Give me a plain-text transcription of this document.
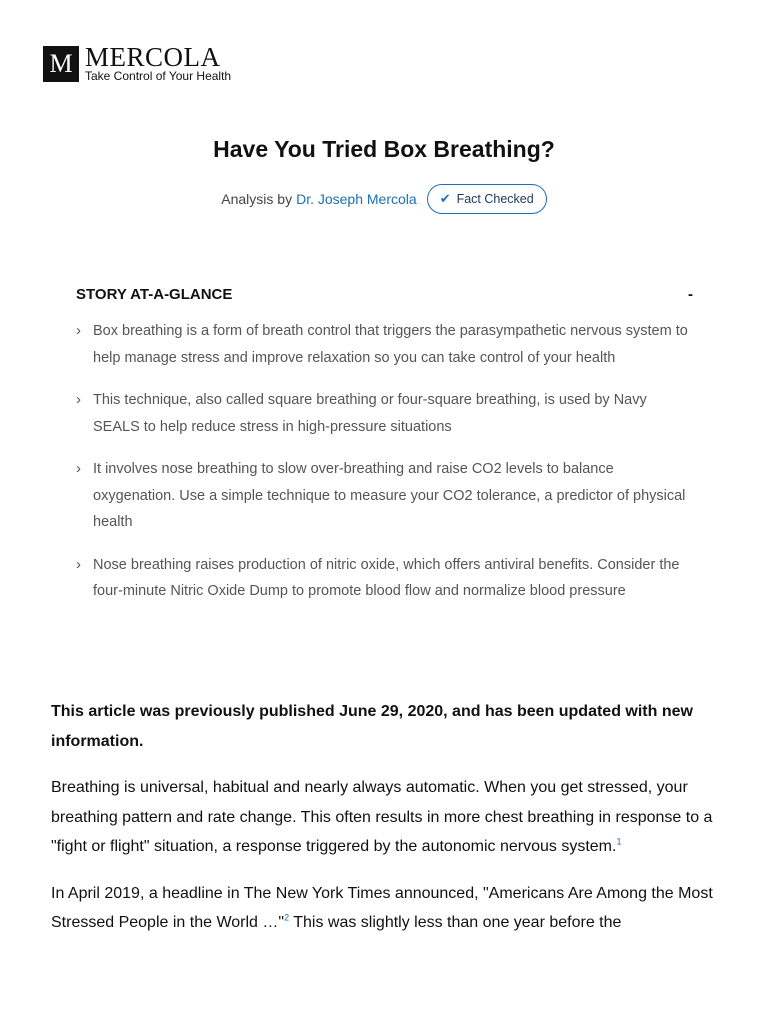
M MERCOLA
Take Control of Your Health
Have You Tried Box Breathing?
Analysis by Dr. Joseph Mercola ✔ Fact Checked
STORY AT-A-GLANCE	-
› Box breathing is a form of breath control that triggers the parasympathetic nervous system to help manage stress and improve relaxation so you can take control of your health
› This technique, also called square breathing or four-square breathing, is used by Navy SEALS to help reduce stress in high-pressure situations
› It involves nose breathing to slow over-breathing and raise CO2 levels to balance oxygenation. Use a simple technique to measure your CO2 tolerance, a predictor of physical health
› Nose breathing raises production of nitric oxide, which offers antiviral benefits. Consider the four-minute Nitric Oxide Dump to promote blood flow and normalize blood pressure

This article was previously published June 29, 2020, and has been updated with new information.

Breathing is universal, habitual and nearly always automatic. When you get stressed, your breathing pattern and rate change. This often results in more chest breathing in response to a "fight or flight" situation, a response triggered by the autonomic nervous system.$^1$

In April 2019, a headline in The New York Times announced, "Americans Are Among the Most Stressed People in the World …"$^2$ This was slightly less than one year before the
